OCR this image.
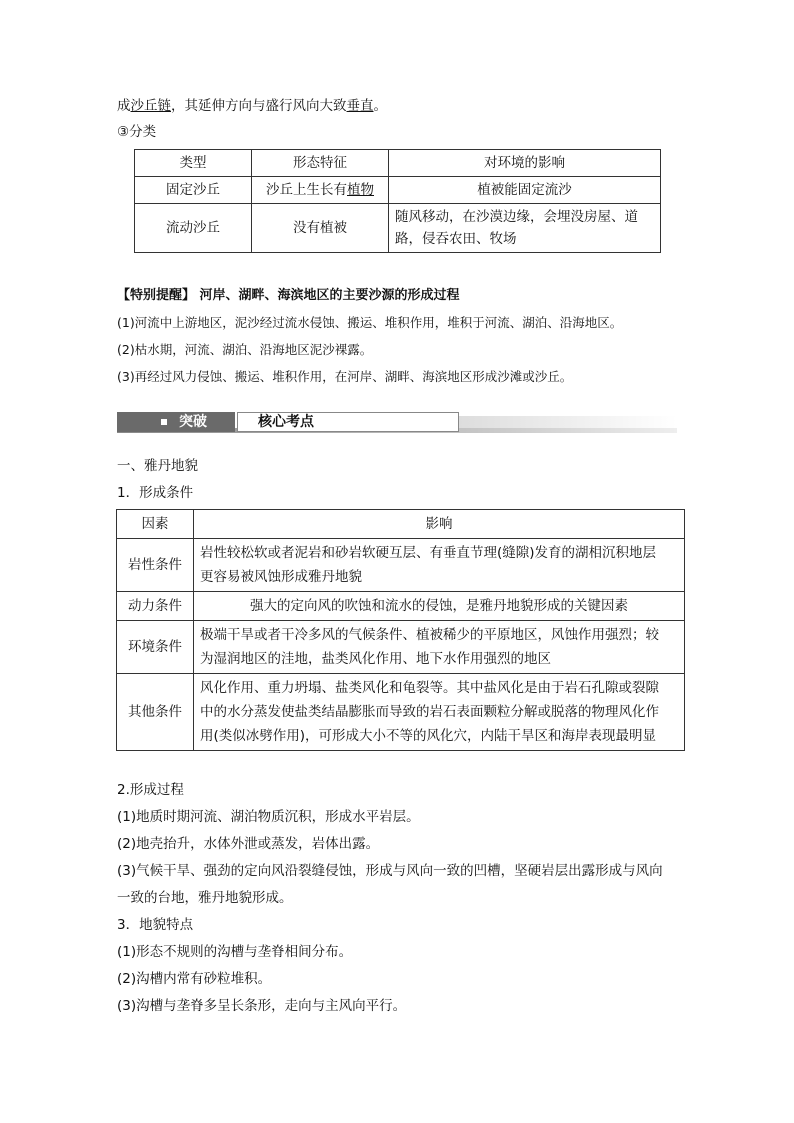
成沙丘链，其延伸方向与盛行风向大致垂直。
③分类
类型	形态特征	对环境的影响
固定沙丘	沙丘上生长有植物	植被能固定流沙
流动沙丘	没有植被	随风移动，在沙漠边缘，会埋没房屋、道
路，侵吞农田、牧场
【特别提醒】 河岸、湖畔、海滨地区的主要沙源的形成过程
(1)河流中上游地区，泥沙经过流水侵蚀、搬运、堆积作用，堆积于河流、湖泊、沿海地区。
(2)枯水期，河流、湖泊、沿海地区泥沙裸露。
(3)再经过风力侵蚀、搬运、堆积作用，在河岸、湖畔、海滨地区形成沙滩或沙丘。
突破	核心考点
一、雅丹地貌
1．形成条件
因素	影响
岩性条件	岩性较松软或者泥岩和砂岩软硬互层、有垂直节理(缝隙)发育的湖相沉积地层
更容易被风蚀形成雅丹地貌

动力条件	强大的定向风的吹蚀和流水的侵蚀，是雅丹地貌形成的关键因素
环境条件	极端干旱或者干冷多风的气候条件、植被稀少的平原地区，风蚀作用强烈；较
为湿润地区的洼地，盐类风化作用、地下水作用强烈的地区

其他条件	风化作用、重力坍塌、盐类风化和龟裂等。其中盐风化是由于岩石孔隙或裂隙
中的水分蒸发使盐类结晶膨胀而导致的岩石表面颗粒分解或脱落的物理风化作
用(类似冰劈作用)，可形成大小不等的风化穴，内陆干旱区和海岸表现最明显
2.形成过程
(1)地质时期河流、湖泊物质沉积，形成水平岩层。
(2)地壳抬升，水体外泄或蒸发，岩体出露。
(3)气候干旱、强劲的定向风沿裂缝侵蚀，形成与风向一致的凹槽，坚硬岩层出露形成与风向
一致的台地，雅丹地貌形成。
3．地貌特点
(1)形态不规则的沟槽与垄脊相间分布。
(2)沟槽内常有砂粒堆积。
(3)沟槽与垄脊多呈长条形，走向与主风向平行。
